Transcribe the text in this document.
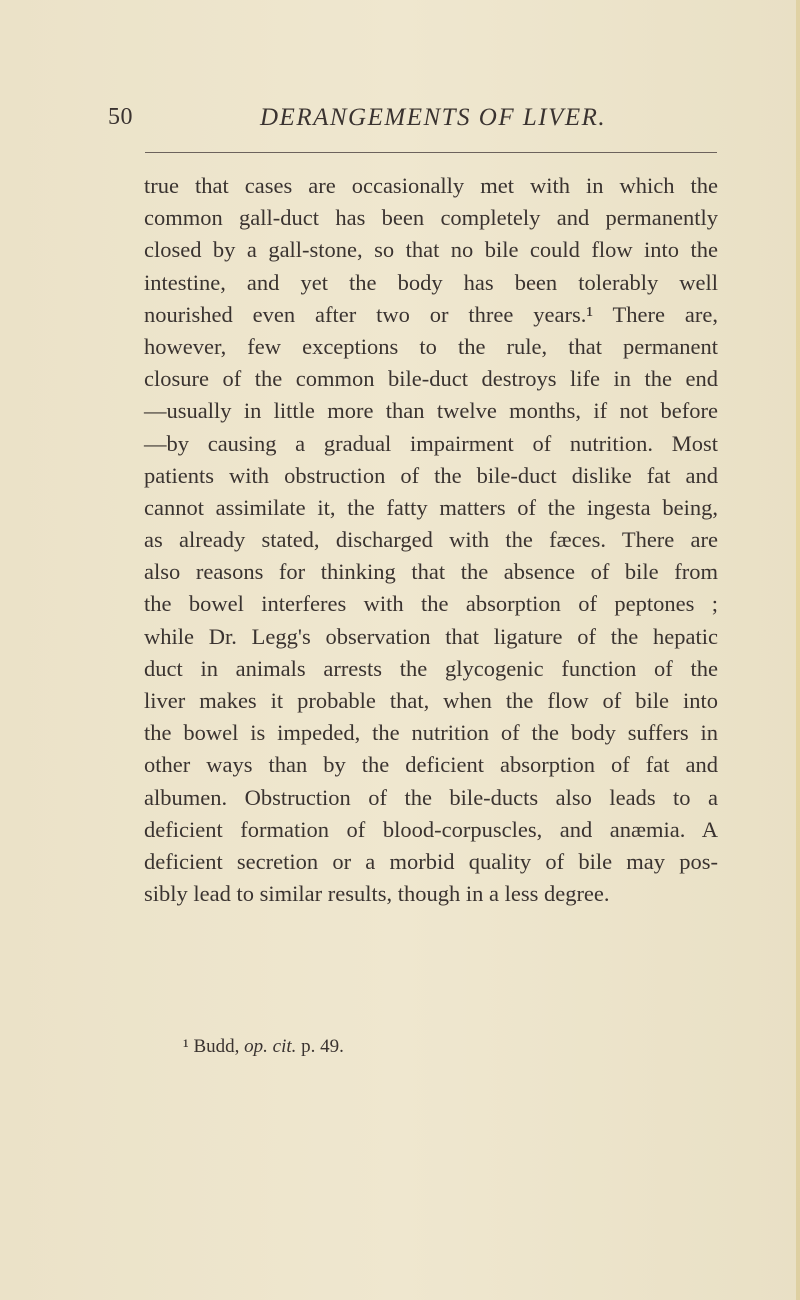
50	DERANGEMENTS OF LIVER.
true that cases are occasionally met with in which the
common gall-duct has been completely and permanently
closed by a gall-stone, so that no bile could flow into the
intestine, and yet the body has been tolerably well
nourished even after two or three years.¹ There are,
however, few exceptions to the rule, that permanent
closure of the common bile-duct destroys life in the end
—usually in little more than twelve months, if not before
—by causing a gradual impairment of nutrition. Most
patients with obstruction of the bile-duct dislike fat and
cannot assimilate it, the fatty matters of the ingesta being,
as already stated, discharged with the fæces. There are
also reasons for thinking that the absence of bile from
the bowel interferes with the absorption of peptones ;
while Dr. Legg's observation that ligature of the hepatic
duct in animals arrests the glycogenic function of the
liver makes it probable that, when the flow of bile into
the bowel is impeded, the nutrition of the body suffers in
other ways than by the deficient absorption of fat and
albumen. Obstruction of the bile-ducts also leads to a
deficient formation of blood-corpuscles, and anæmia. A
deficient secretion or a morbid quality of bile may pos-
sibly lead to similar results, though in a less degree.
¹ Budd, op. cit. p. 49.
